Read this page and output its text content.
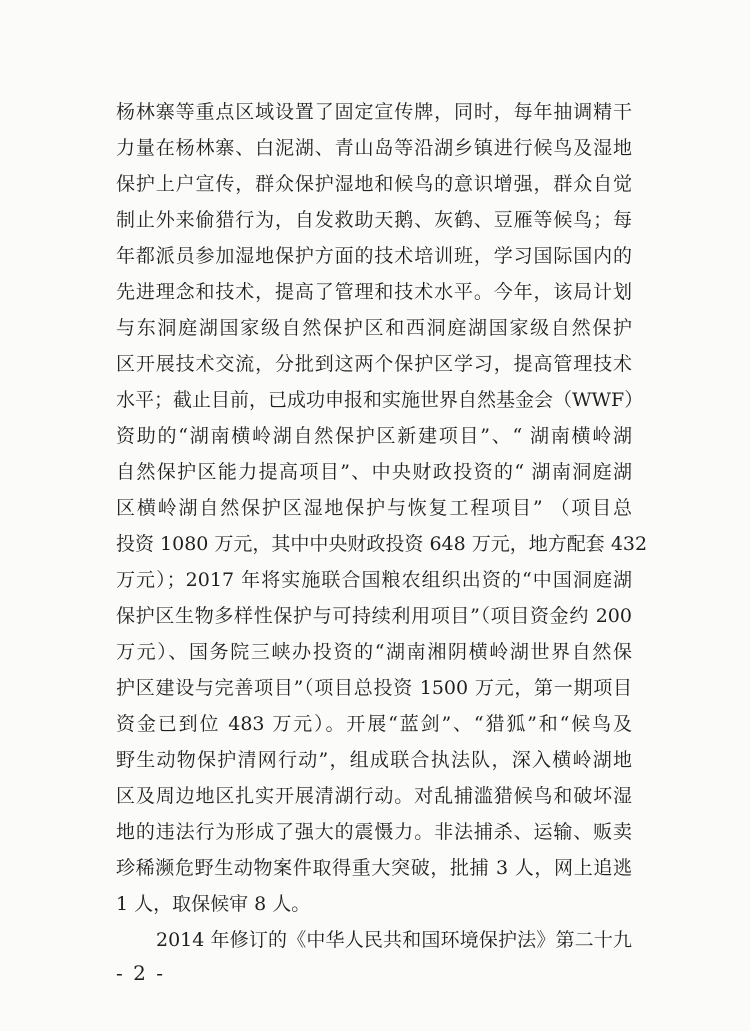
杨林寨等重点区域设置了固定宣传牌，同时，每年抽调精干
力量在杨林寨、白泥湖、青山岛等沿湖乡镇进行候鸟及湿地
保护上户宣传，群众保护湿地和候鸟的意识增强，群众自觉
制止外来偷猎行为，自发救助天鹅、灰鹤、豆雁等候鸟；每
年都派员参加湿地保护方面的技术培训班，学习国际国内的
先进理念和技术，提高了管理和技术水平。今年，该局计划
与东洞庭湖国家级自然保护区和西洞庭湖国家级自然保护
区开展技术交流，分批到这两个保护区学习，提高管理技术
水平；截止目前，已成功申报和实施世界自然基金会（WWF）
资助的“湖南横岭湖自然保护区新建项目”、“ 湖南横岭湖
自然保护区能力提高项目”、中央财政投资的“ 湖南洞庭湖
区横岭湖自然保护区湿地保护与恢复工程项目” （项目总
投资 1080 万元，其中中央财政投资 648 万元，地方配套 432
万元）；2017 年将实施联合国粮农组织出资的“中国洞庭湖
保护区生物多样性保护与可持续利用项目”（项目资金约 200
万元）、国务院三峡办投资的“湖南湘阴横岭湖世界自然保
护区建设与完善项目”（项目总投资 1500 万元，第一期项目
资金已到位 483 万元）。开展“蓝剑”、“猎狐”和“候鸟及
野生动物保护清网行动”，组成联合执法队，深入横岭湖地
区及周边地区扎实开展清湖行动。对乱捕滥猎候鸟和破坏湿
地的违法行为形成了强大的震慑力。非法捕杀、运输、贩卖
珍稀濒危野生动物案件取得重大突破，批捕 3 人，网上追逃
1 人，取保候审 8 人。
2014 年修订的《中华人民共和国环境保护法》第二十九
- 2 -
